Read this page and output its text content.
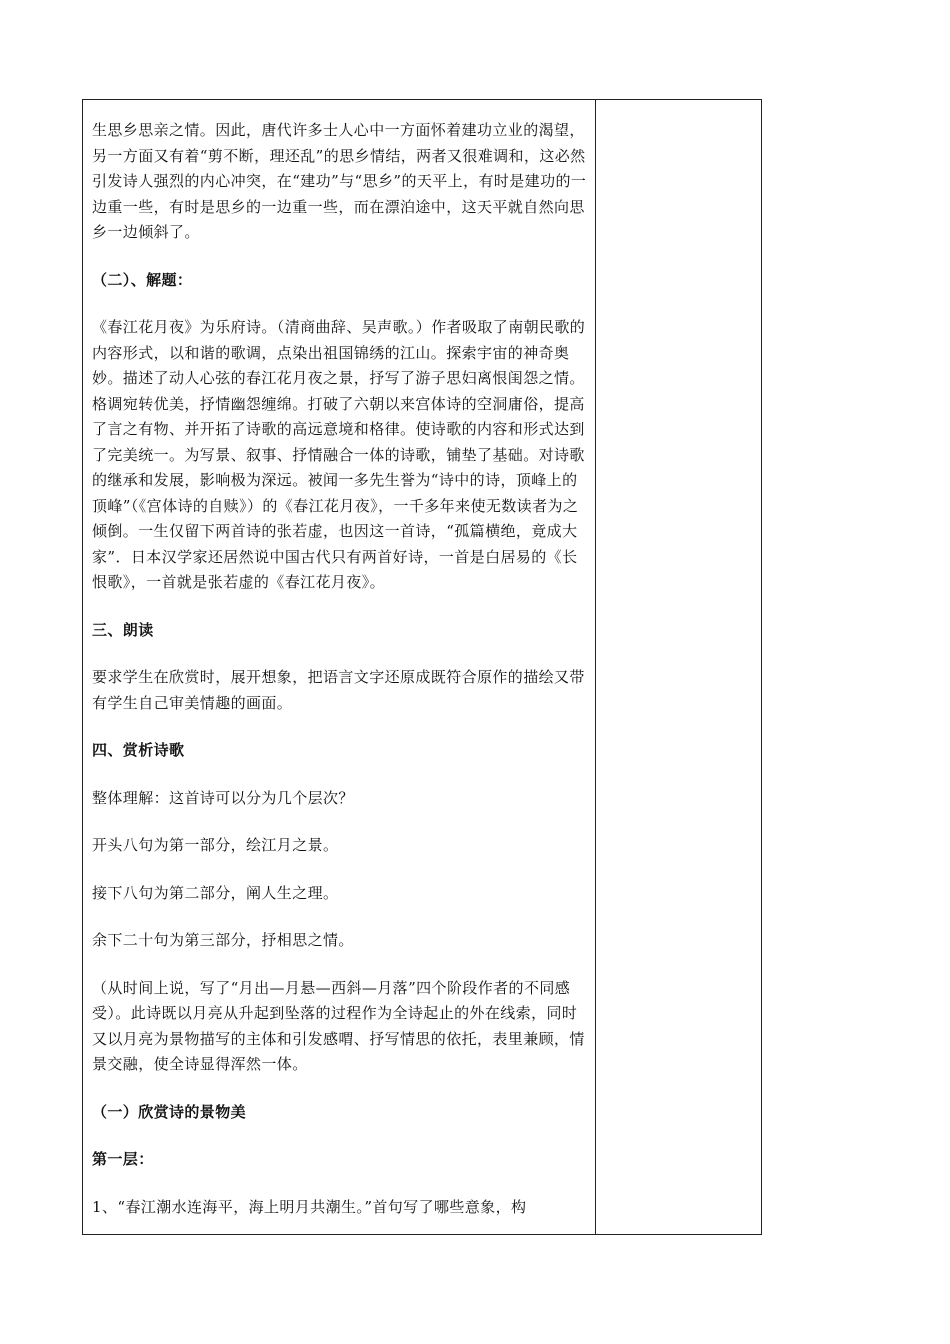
生思乡思亲之情。因此，唐代许多士人心中一方面怀着建功立业的渴望，另一方面又有着“剪不断，理还乱”的思乡情结，两者又很难调和，这必然引发诗人强烈的内心冲突，在“建功”与“思乡”的天平上，有时是建功的一边重一些，有时是思乡的一边重一些，而在漂泊途中，这天平就自然向思乡一边倾斜了。

（二）、解题：

《春江花月夜》为乐府诗。（清商曲辞、吴声歌。）作者吸取了南朝民歌的内容形式，以和谐的歌调，点染出祖国锦绣的江山。探索宇宙的神奇奥妙。描述了动人心弦的春江花月夜之景，抒写了游子思妇离恨闺怨之情。格调宛转优美，抒情幽怨缠绵。打破了六朝以来宫体诗的空洞庸俗，提高了言之有物、并开拓了诗歌的高远意境和格律。使诗歌的内容和形式达到了完美统一。为写景、叙事、抒情融合一体的诗歌，铺垫了基础。对诗歌的继承和发展，影响极为深远。被闻一多先生誉为“诗中的诗，顶峰上的顶峰”（《宫体诗的自赎》）的《春江花月夜》，一千多年来使无数读者为之倾倒。一生仅留下两首诗的张若虚，也因这一首诗，“孤篇横绝，竟成大家”．日本汉学家还居然说中国古代只有两首好诗，一首是白居易的《长恨歌》，一首就是张若虚的《春江花月夜》。

三、朗读

要求学生在欣赏时，展开想象，把语言文字还原成既符合原作的描绘又带有学生自己审美情趣的画面。

四、赏析诗歌

整体理解：这首诗可以分为几个层次？

开头八句为第一部分，绘江月之景。

接下八句为第二部分，阐人生之理。

余下二十句为第三部分，抒相思之情。

（从时间上说，写了“月出—月悬—西斜—月落”四个阶段作者的不同感受）。此诗既以月亮从升起到坠落的过程作为全诗起止的外在线索，同时又以月亮为景物描写的主体和引发感喟、抒写情思的依托，表里兼顾，情景交融，使全诗显得浑然一体。

（一）欣赏诗的景物美

第一层：

1、“春江潮水连海平，海上明月共潮生。”首句写了哪些意象，构
